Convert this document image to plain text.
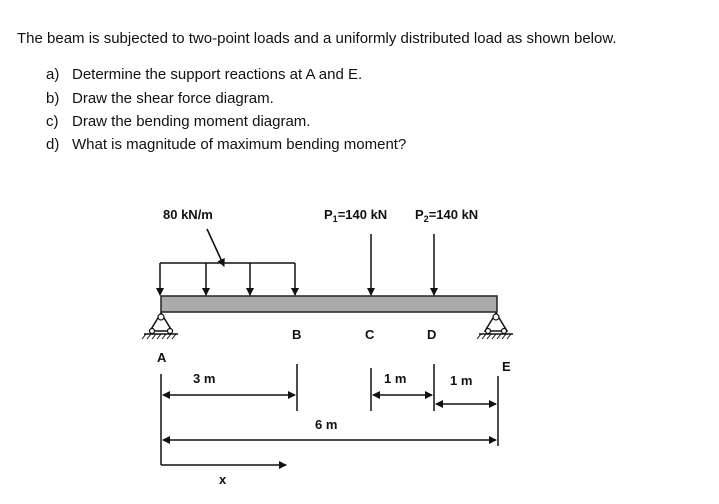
The beam is subjected to two-point loads and a uniformly distributed load as shown below.
a) Determine the support reactions at A and E.
b) Draw the shear force diagram.
c) Draw the bending moment diagram.
d) What is magnitude of maximum bending moment?
80 kN/m	$P_1=140$ kN $P_2=140$ kN
A
B	C	D
E
3 m	1 m	1 m
6 m
x
